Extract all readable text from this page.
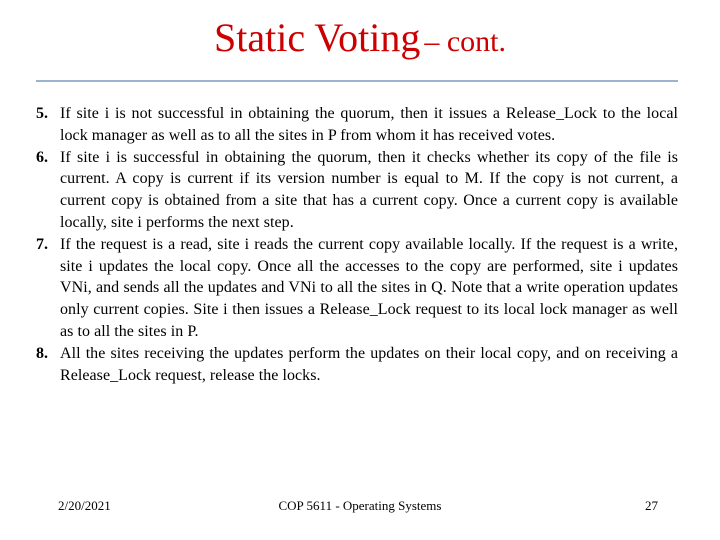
Static Voting – cont.
5. If site i is not successful in obtaining the quorum, then it issues a Release_Lock to the local lock manager as well as to all the sites in P from whom it has received votes.
6. If site i is successful in obtaining the quorum, then it checks whether its copy of the file is current. A copy is current if its version number is equal to M. If the copy is not current, a current copy is obtained from a site that has a current copy. Once a current copy is available locally, site i performs the next step.
7. If the request is a read, site i reads the current copy available locally. If the request is a write, site i updates the local copy. Once all the accesses to the copy are performed, site i updates VNi, and sends all the updates and VNi to all the sites in Q. Note that a write operation updates only current copies. Site i then issues a Release_Lock request to its local lock manager as well as to all the sites in P.
8. All the sites receiving the updates perform the updates on their local copy, and on receiving a Release_Lock request, release the locks.
2/20/2021	COP 5611 - Operating Systems	27
